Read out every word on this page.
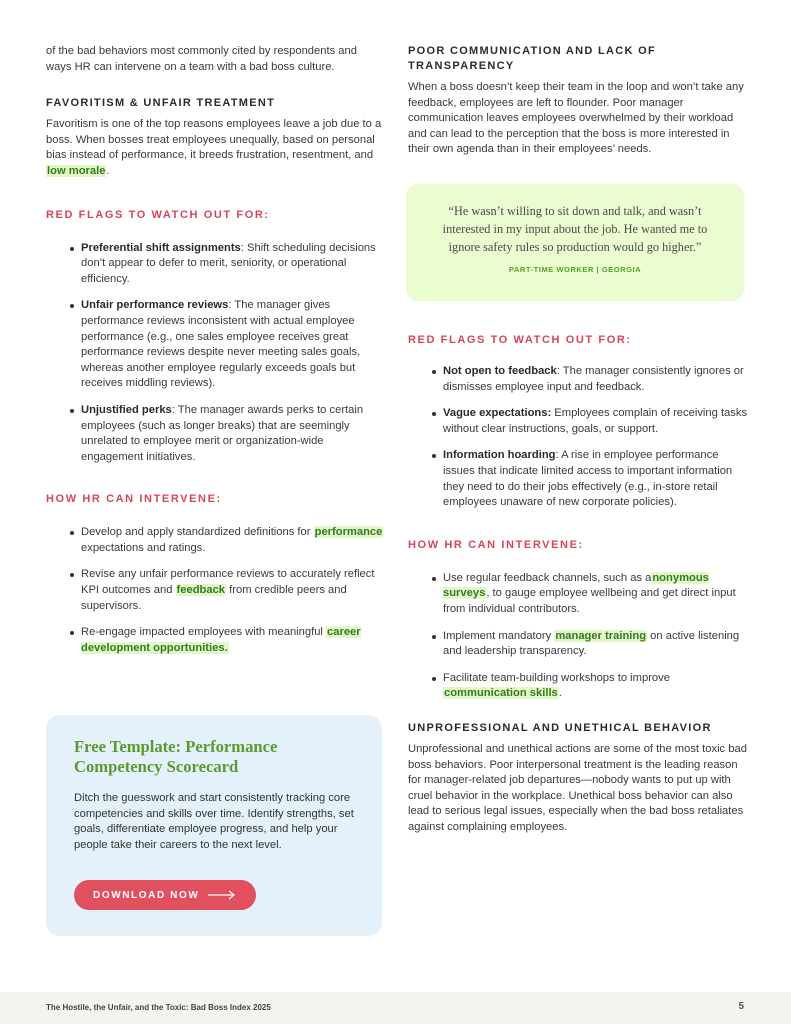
of the bad behaviors most commonly cited by respondents and ways HR can intervene on a team with a bad boss culture.

FAVORITISM & UNFAIR TREATMENT

Favoritism is one of the top reasons employees leave a job due to a boss. When bosses treat employees unequally, based on personal bias instead of performance, it breeds frustration, resentment, and low morale.

RED FLAGS TO WATCH OUT FOR:
Preferential shift assignments: Shift scheduling decisions don’t appear to defer to merit, seniority, or operational efficiency.
Unfair performance reviews: The manager gives performance reviews inconsistent with actual employee performance (e.g., one sales employee receives great performance reviews despite never meeting sales goals, whereas another employee regularly exceeds goals but receives middling reviews).
Unjustified perks: The manager awards perks to certain employees (such as longer breaks) that are seemingly unrelated to employee merit or organization-wide engagement initiatives.
HOW HR CAN INTERVENE:
Develop and apply standardized definitions for performance expectations and ratings.
Revise any unfair performance reviews to accurately reflect KPI outcomes and feedback from credible peers and supervisors.
Re-engage impacted employees with meaningful career development opportunities.
Free Template: Performance Competency Scorecard

Ditch the guesswork and start consistently tracking core competencies and skills over time. Identify strengths, set goals, differentiate employee progress, and help your people take their careers to the next level.

DOWNLOAD NOW
POOR COMMUNICATION AND LACK OF TRANSPARENCY

When a boss doesn’t keep their team in the loop and won’t take any feedback, employees are left to flounder. Poor manager communication leaves employees overwhelmed by their workload and can lead to the perception that the boss is more interested in their own agenda than in their employees’ needs.

“He wasn’t willing to sit down and talk, and wasn’t interested in my input about the job. He wanted me to ignore safety rules so production would go higher.”

PART-TIME WORKER | GEORGIA
RED FLAGS TO WATCH OUT FOR:
Not open to feedback: The manager consistently ignores or dismisses employee input and feedback.
Vague expectations: Employees complain of receiving tasks without clear instructions, goals, or support.
Information hoarding: A rise in employee performance issues that indicate limited access to important information they need to do their jobs effectively (e.g., in-store retail employees unaware of new corporate policies).
HOW HR CAN INTERVENE:
Use regular feedback channels, such as anonymous surveys, to gauge employee wellbeing and get direct input from individual contributors.
Implement mandatory manager training on active listening and leadership transparency.
Facilitate team-building workshops to improve communication skills.
UNPROFESSIONAL AND UNETHICAL BEHAVIOR

Unprofessional and unethical actions are some of the most toxic bad boss behaviors. Poor interpersonal treatment is the leading reason for manager-related job departures—nobody wants to put up with cruel behavior in the workplace. Unethical boss behavior can also lead to serious legal issues, especially when the bad boss retaliates against complaining employees.

The Hostile, the Unfair, and the Toxic: Bad Boss Index 2025	5
